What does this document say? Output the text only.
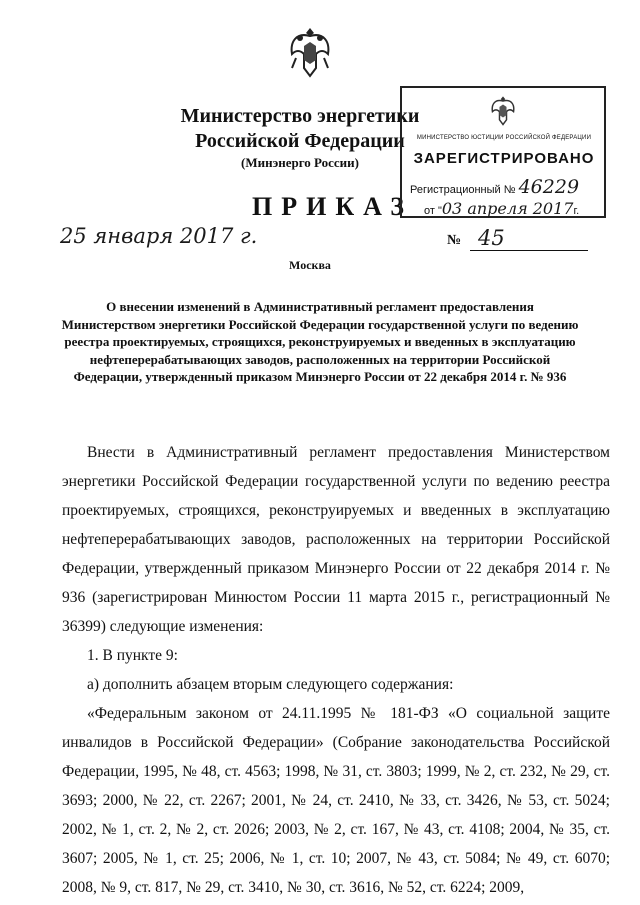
Министерство энергетики Российской Федерации
(Минэнерго России)
ПРИКАЗ
МИНИСТЕРСТВО ЮСТИЦИИ РОССИЙСКОЙ ФЕДЕРАЦИИ
ЗАРЕГИСТРИРОВАНО
Регистрационный № 46229
от "03 апреля 2017г.
25 января 2017 г.	№ 45
Москва
О внесении изменений в Административный регламент предоставления Министерством энергетики Российской Федерации государственной услуги по ведению реестра проектируемых, строящихся, реконструируемых и введенных в эксплуатацию нефтеперерабатывающих заводов, расположенных на территории Российской Федерации, утвержденный приказом Минэнерго России от 22 декабря 2014 г. № 936

Внести в Административный регламент предоставления Министерством энергетики Российской Федерации государственной услуги по ведению реестра проектируемых, строящихся, реконструируемых и введенных в эксплуатацию нефтеперерабатывающих заводов, расположенных на территории Российской Федерации, утвержденный приказом Минэнерго России от 22 декабря 2014 г. № 936 (зарегистрирован Минюстом России 11 марта 2015 г., регистрационный № 36399) следующие изменения:

1. В пункте 9:

а) дополнить абзацем вторым следующего содержания:

«Федеральным законом от 24.11.1995 № 181-ФЗ «О социальной защите инвалидов в Российской Федерации» (Собрание законодательства Российской Федерации, 1995, № 48, ст. 4563; 1998, № 31, ст. 3803; 1999, № 2, ст. 232, № 29, ст. 3693; 2000, № 22, ст. 2267; 2001, № 24, ст. 2410, № 33, ст. 3426, № 53, ст. 5024; 2002, № 1, ст. 2, № 2, ст. 2026; 2003, № 2, ст. 167, № 43, ст. 4108; 2004, № 35, ст. 3607; 2005, № 1, ст. 25; 2006, № 1, ст. 10; 2007, № 43, ст. 5084; № 49, ст. 6070; 2008, № 9, ст. 817, № 29, ст. 3410, № 30, ст. 3616, № 52, ст. 6224; 2009,
